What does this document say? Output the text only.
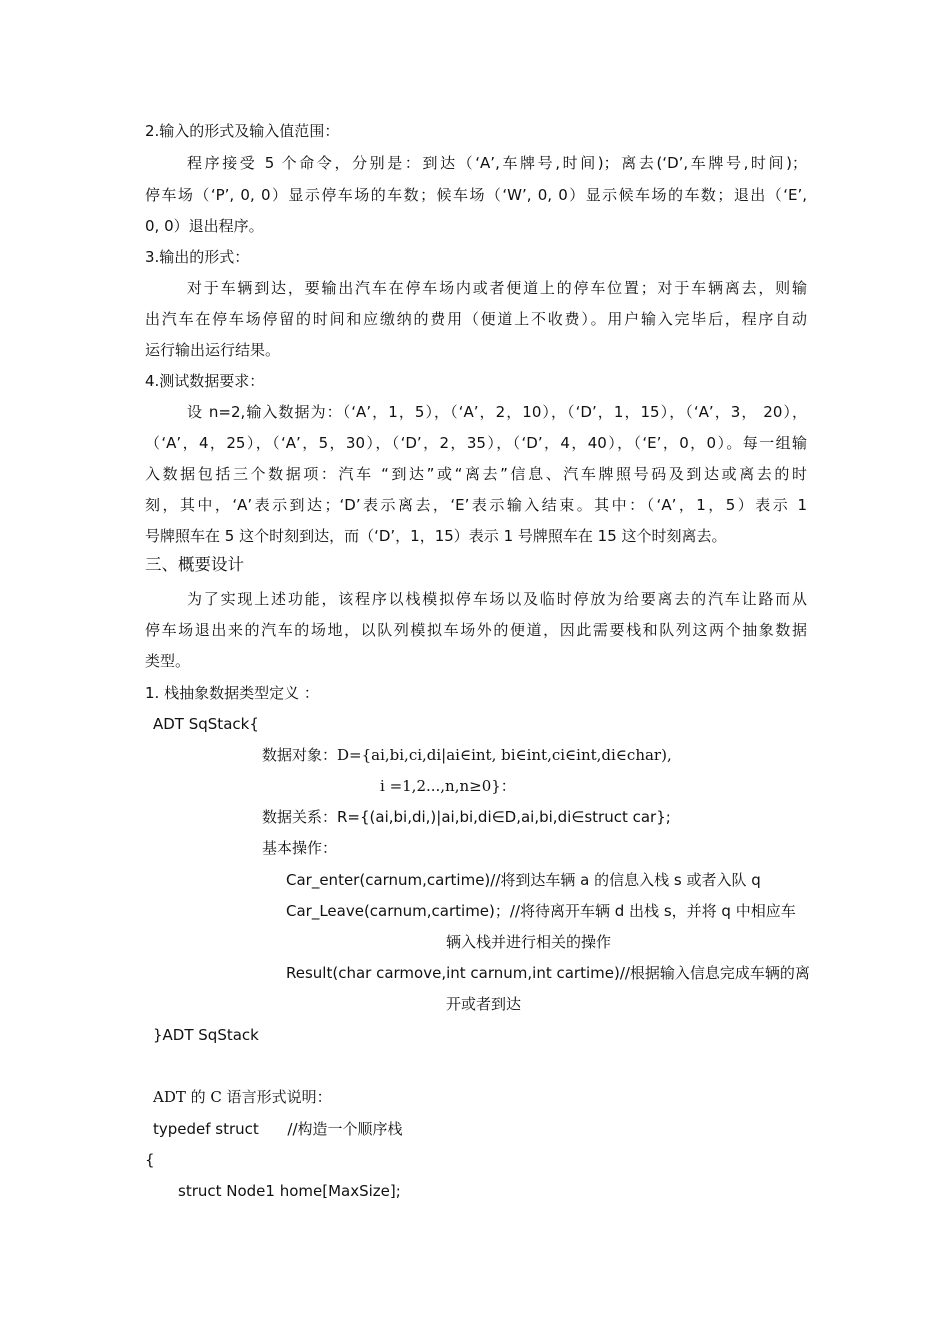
2.输入的形式及输入值范围：
程序接受 5 个命令，分别是：到达（‘A’,车牌号,时间)；离去(‘D’,车牌号,时间)；
停车场（‘P’, 0, 0）显示停车场的车数；候车场（‘W’, 0, 0）显示候车场的车数；退出（‘E’,
0, 0）退出程序。
3.输出的形式：
对于车辆到达，要输出汽车在停车场内或者便道上的停车位置；对于车辆离去，则输
出汽车在停车场停留的时间和应缴纳的费用（便道上不收费）。用户输入完毕后，程序自动
运行输出运行结果。
4.测试数据要求：
设 n=2,输入数据为：（‘A’，1，5），（‘A’，2，10），（‘D’，1，15），（‘A’，3， 20），
（‘A’，4，25），（‘A’，5，30），（‘D’，2，35），（‘D’，4，40），（‘E’，0，0）。每一组输
入数据包括三个数据项：汽车 “到达”或“离去”信息、汽车牌照号码及到达或离去的时
刻，其中，‘A’表示到达；‘D’表示离去，‘E’表示输入结束。其中：（‘A’，1，5）表示 1
号牌照车在 5 这个时刻到达，而（‘D’，1，15）表示 1 号牌照车在 15 这个时刻离去。
三、概要设计
为了实现上述功能，该程序以栈模拟停车场以及临时停放为给要离去的汽车让路而从
停车场退出来的汽车的场地，以队列模拟车场外的便道，因此需要栈和队列这两个抽象数据
类型。
1. 栈抽象数据类型定义 ：
ADT SqStack{
数据对象：D={ai,bi,ci,di|ai∈int, bi∈int,ci∈int,di∈char),
i =1,2...,n,n≥0}：
数据关系：R={(ai,bi,di,)|ai,bi,di∈D,ai,bi,di∈struct car};
基本操作：
Car_enter(carnum,cartime)//将到达车辆 a 的信息入栈 s 或者入队 q
Car_Leave(carnum,cartime)；//将待离开车辆 d 出栈 s，并将 q 中相应车
辆入栈并进行相关的操作
Result(char carmove,int carnum,int cartime)//根据输入信息完成车辆的离
开或者到达
}ADT SqStack
ADT 的 C 语言形式说明：
typedef struct      //构造一个顺序栈
{
struct Node1 home[MaxSize];
